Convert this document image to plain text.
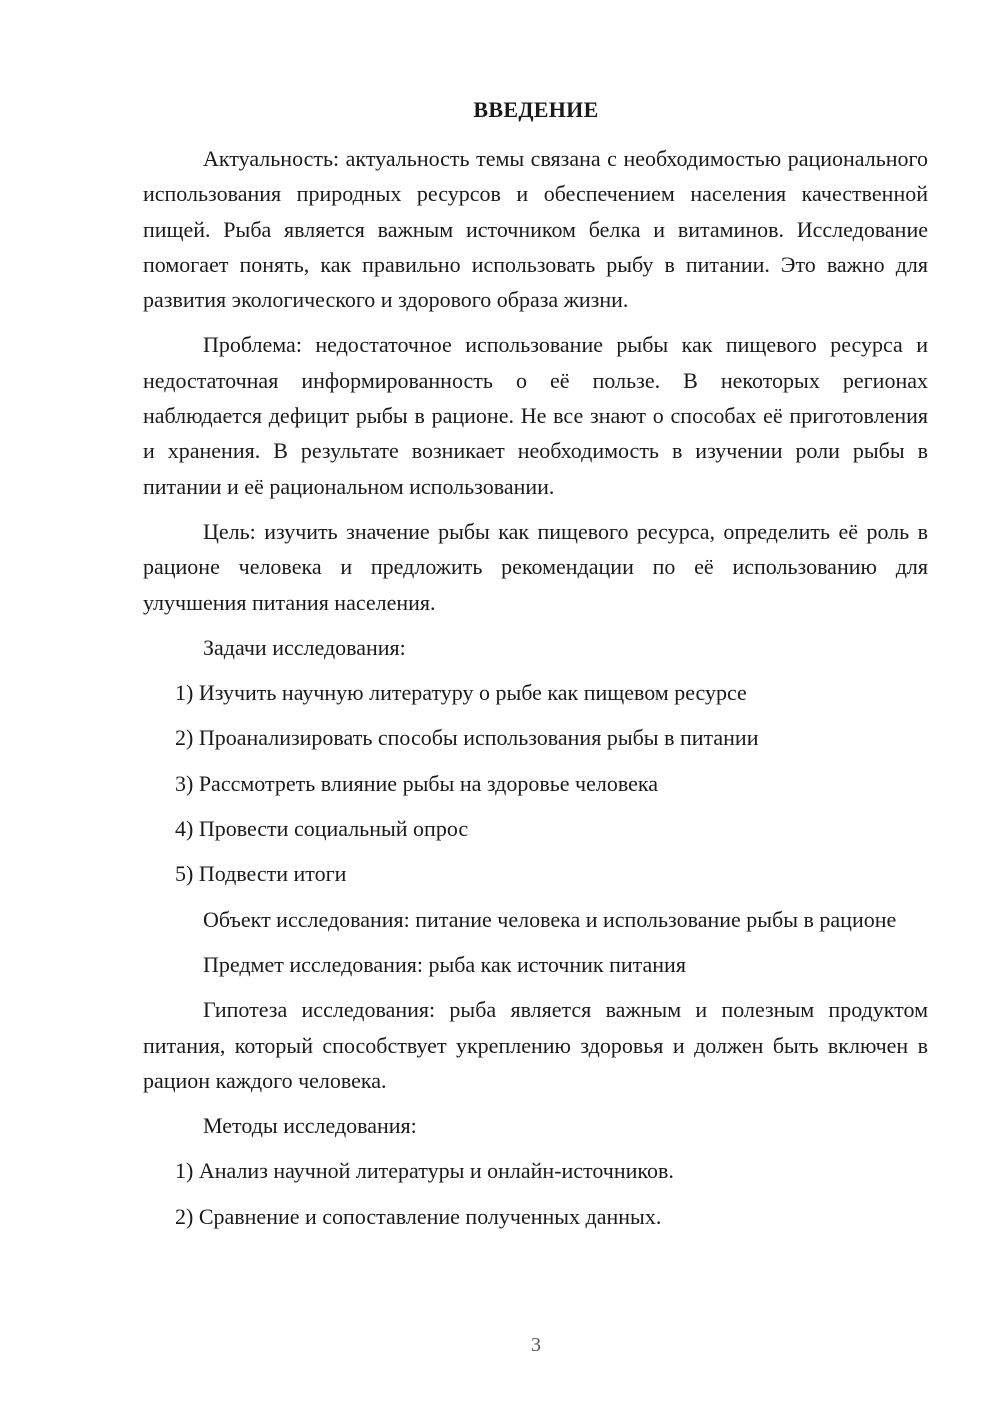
ВВЕДЕНИЕ

Актуальность: актуальность темы связана с необходимостью рационального использования природных ресурсов и обеспечением населения качественной пищей. Рыба является важным источником белка и витаминов. Исследование помогает понять, как правильно использовать рыбу в питании. Это важно для развития экологического и здорового образа жизни.

Проблема: недостаточное использование рыбы как пищевого ресурса и недостаточная информированность о её пользе. В некоторых регионах наблюдается дефицит рыбы в рационе. Не все знают о способах её приготовления и хранения. В результате возникает необходимость в изучении роли рыбы в питании и её рациональном использовании.

Цель: изучить значение рыбы как пищевого ресурса, определить её роль в рационе человека и предложить рекомендации по её использованию для улучшения питания населения.

Задачи исследования:

1) Изучить научную литературу о рыбе как пищевом ресурсе
2) Проанализировать способы использования рыбы в питании
3) Рассмотреть влияние рыбы на здоровье человека
4) Провести социальный опрос
5) Подвести итоги

Объект исследования: питание человека и использование рыбы в рационе

Предмет исследования: рыба как источник питания

Гипотеза исследования: рыба является важным и полезным продуктом питания, который способствует укреплению здоровья и должен быть включен в рацион каждого человека.

Методы исследования:

1) Анализ научной литературы и онлайн-источников.
2) Сравнение и сопоставление полученных данных.
3
